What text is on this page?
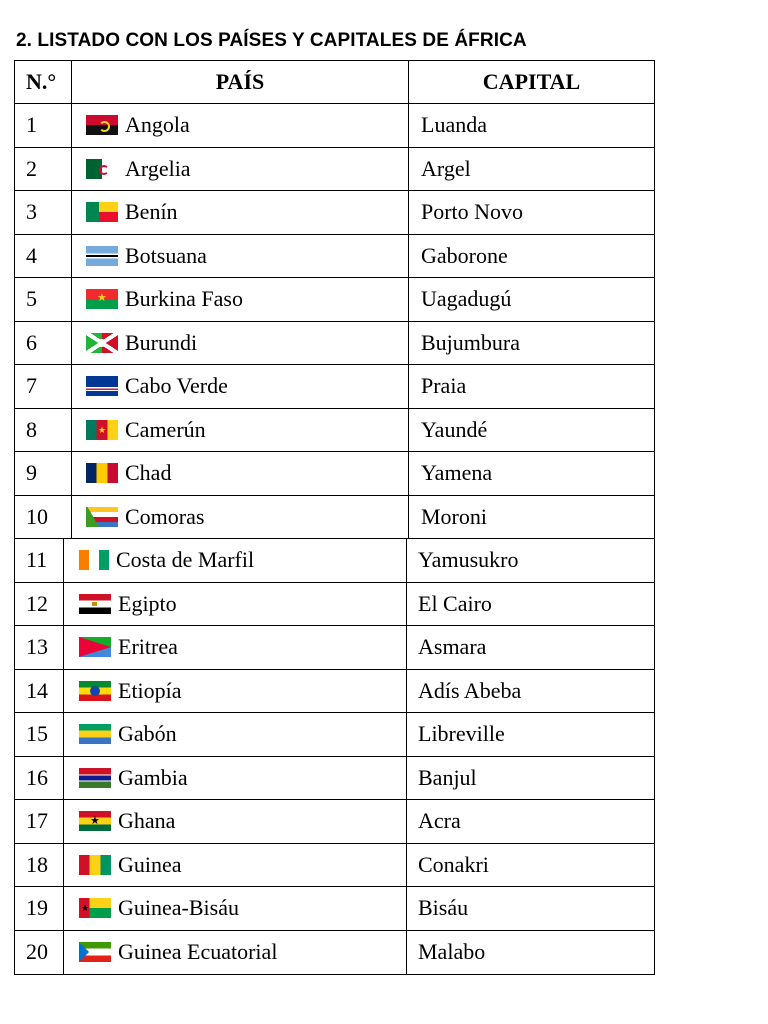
2. LISTADO CON LOS PAÍSES Y CAPITALES DE ÁFRICA
N.°	PAÍS	CAPITAL
1	Angola	Luanda
2	Argelia	Argel
3	Benín	Porto Novo
4	Botsuana	Gaborone
5 ★	Burkina Faso	Uagadugú
6	Burundi	Bujumbura
7	Cabo Verde	Praia
8 ★	Camerún	Yaundé
9	Chad	Yamena
10	Comoras	Moroni
11	Costa de Marfil	Yamusukro
12	Egipto	El Cairo
13	Eritrea	Asmara
14	Etiopía	Adís Abeba
15	Gabón	Libreville
16	Gambia	Banjul
17 ★	Ghana	Acra
18	Guinea	Conakri
19 ★	Guinea-Bisáu	Bisáu
20	Guinea Ecuatorial	Malabo
